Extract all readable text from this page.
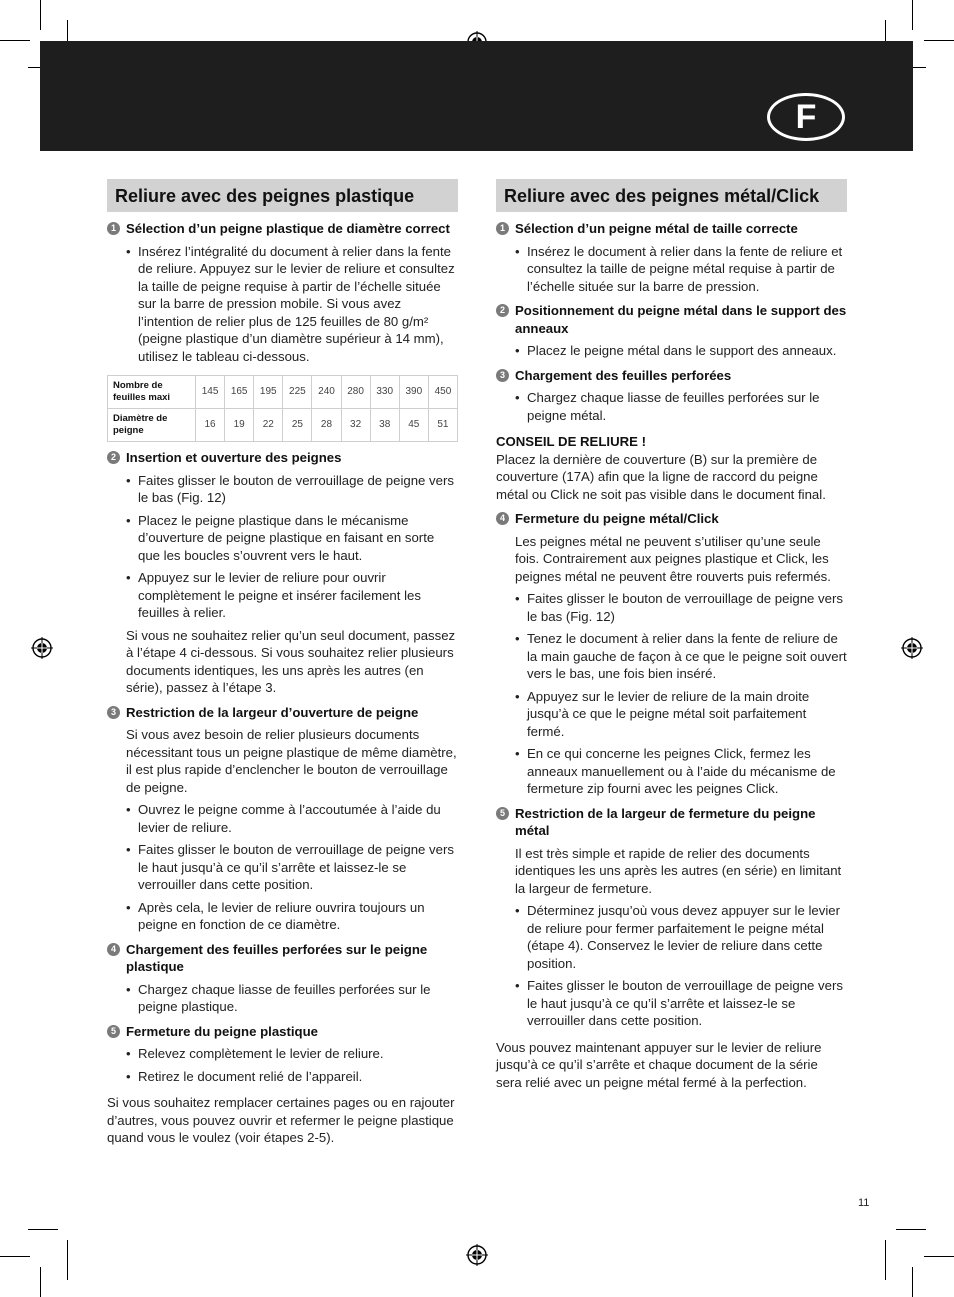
F
Reliure avec des peignes plastique
1 Sélection d’un peigne plastique de diamètre correct
• Insérez l’intégralité du document à relier dans la fente de reliure. Appuyez sur le levier de reliure et consultez la taille de peigne requise à partir de l’échelle située sur la barre de pression mobile. Si vous avez l’intention de relier plus de 125 feuilles de 80 g/m² (peigne plastique d’un diamètre supérieur à 14 mm), utilisez le tableau ci-dessous.
Nombre de feuilles maxi	145	165	195	225	240	280	330	390	450
Diamètre de peigne	16	19	22	25	28	32	38	45	51
2 Insertion et ouverture des peignes
• Faites glisser le bouton de verrouillage de peigne vers le bas (Fig. 12)
• Placez le peigne plastique dans le mécanisme d’ouverture de peigne plastique en faisant en sorte que les boucles s’ouvrent vers le haut.
• Appuyez sur le levier de reliure pour ouvrir complètement le peigne et insérer facilement les feuilles à relier.

Si vous ne souhaitez relier qu’un seul document, passez à l’étape 4 ci-dessous. Si vous souhaitez relier plusieurs documents identiques, les uns après les autres (en série), passez à l’étape 3.

3 Restriction de la largeur d’ouverture de peigne

Si vous avez besoin de relier plusieurs documents nécessitant tous un peigne plastique de même diamètre, il est plus rapide d’enclencher le bouton de verrouillage de peigne.

• Ouvrez le peigne comme à l’accoutumée à l’aide du levier de reliure.
• Faites glisser le bouton de verrouillage de peigne vers le haut jusqu’à ce qu’il s’arrête et laissez-le se verrouiller dans cette position.
• Après cela, le levier de reliure ouvrira toujours un peigne en fonction de ce diamètre.
4 Chargement des feuilles perforées sur le peigne plastique
• Chargez chaque liasse de feuilles perforées sur le peigne plastique.
5 Fermeture du peigne plastique
• Relevez complètement le levier de reliure.
• Retirez le document relié de l’appareil.

Si vous souhaitez remplacer certaines pages ou en rajouter d’autres, vous pouvez ouvrir et refermer le peigne plastique quand vous le voulez (voir étapes 2-5).

Reliure avec des peignes métal/Click
1 Sélection d’un peigne métal de taille correcte
• Insérez le document à relier dans la fente de reliure et consultez la taille de peigne métal requise à partir de l’échelle située sur la barre de pression.
2 Positionnement du peigne métal dans le support des anneaux
• Placez le peigne métal dans le support des anneaux.
3 Chargement des feuilles perforées
• Chargez chaque liasse de feuilles perforées sur le peigne métal.
CONSEIL DE RELIURE !

Placez la dernière de couverture (B) sur la première de couverture (17A) afin que la ligne de raccord du peigne métal ou Click ne soit pas visible dans le document final.

4 Fermeture du peigne métal/Click

Les peignes métal ne peuvent s’utiliser qu’une seule fois. Contrairement aux peignes plastique et Click, les peignes métal ne peuvent être rouverts puis refermés.

• Faites glisser le bouton de verrouillage de peigne vers le bas (Fig. 12)
• Tenez le document à relier dans la fente de reliure de la main gauche de façon à ce que le peigne soit ouvert vers le bas, une fois bien inséré.
• Appuyez sur le levier de reliure de la main droite jusqu’à ce que le peigne métal soit parfaitement fermé.
• En ce qui concerne les peignes Click, fermez les anneaux manuellement ou à l’aide du mécanisme de fermeture zip fourni avec les peignes Click.
5 Restriction de la largeur de fermeture du peigne métal

Il est très simple et rapide de relier des documents identiques les uns après les autres (en série) en limitant la largeur de fermeture.

• Déterminez jusqu’où vous devez appuyer sur le levier de reliure pour fermer parfaitement le peigne métal (étape 4). Conservez le levier de reliure dans cette position.
• Faites glisser le bouton de verrouillage de peigne vers le haut jusqu’à ce qu’il s’arrête et laissez-le se verrouiller dans cette position.

Vous pouvez maintenant appuyer sur le levier de reliure jusqu’à ce qu’il s’arrête et chaque document de la série sera relié avec un peigne métal fermé à la perfection.

11
